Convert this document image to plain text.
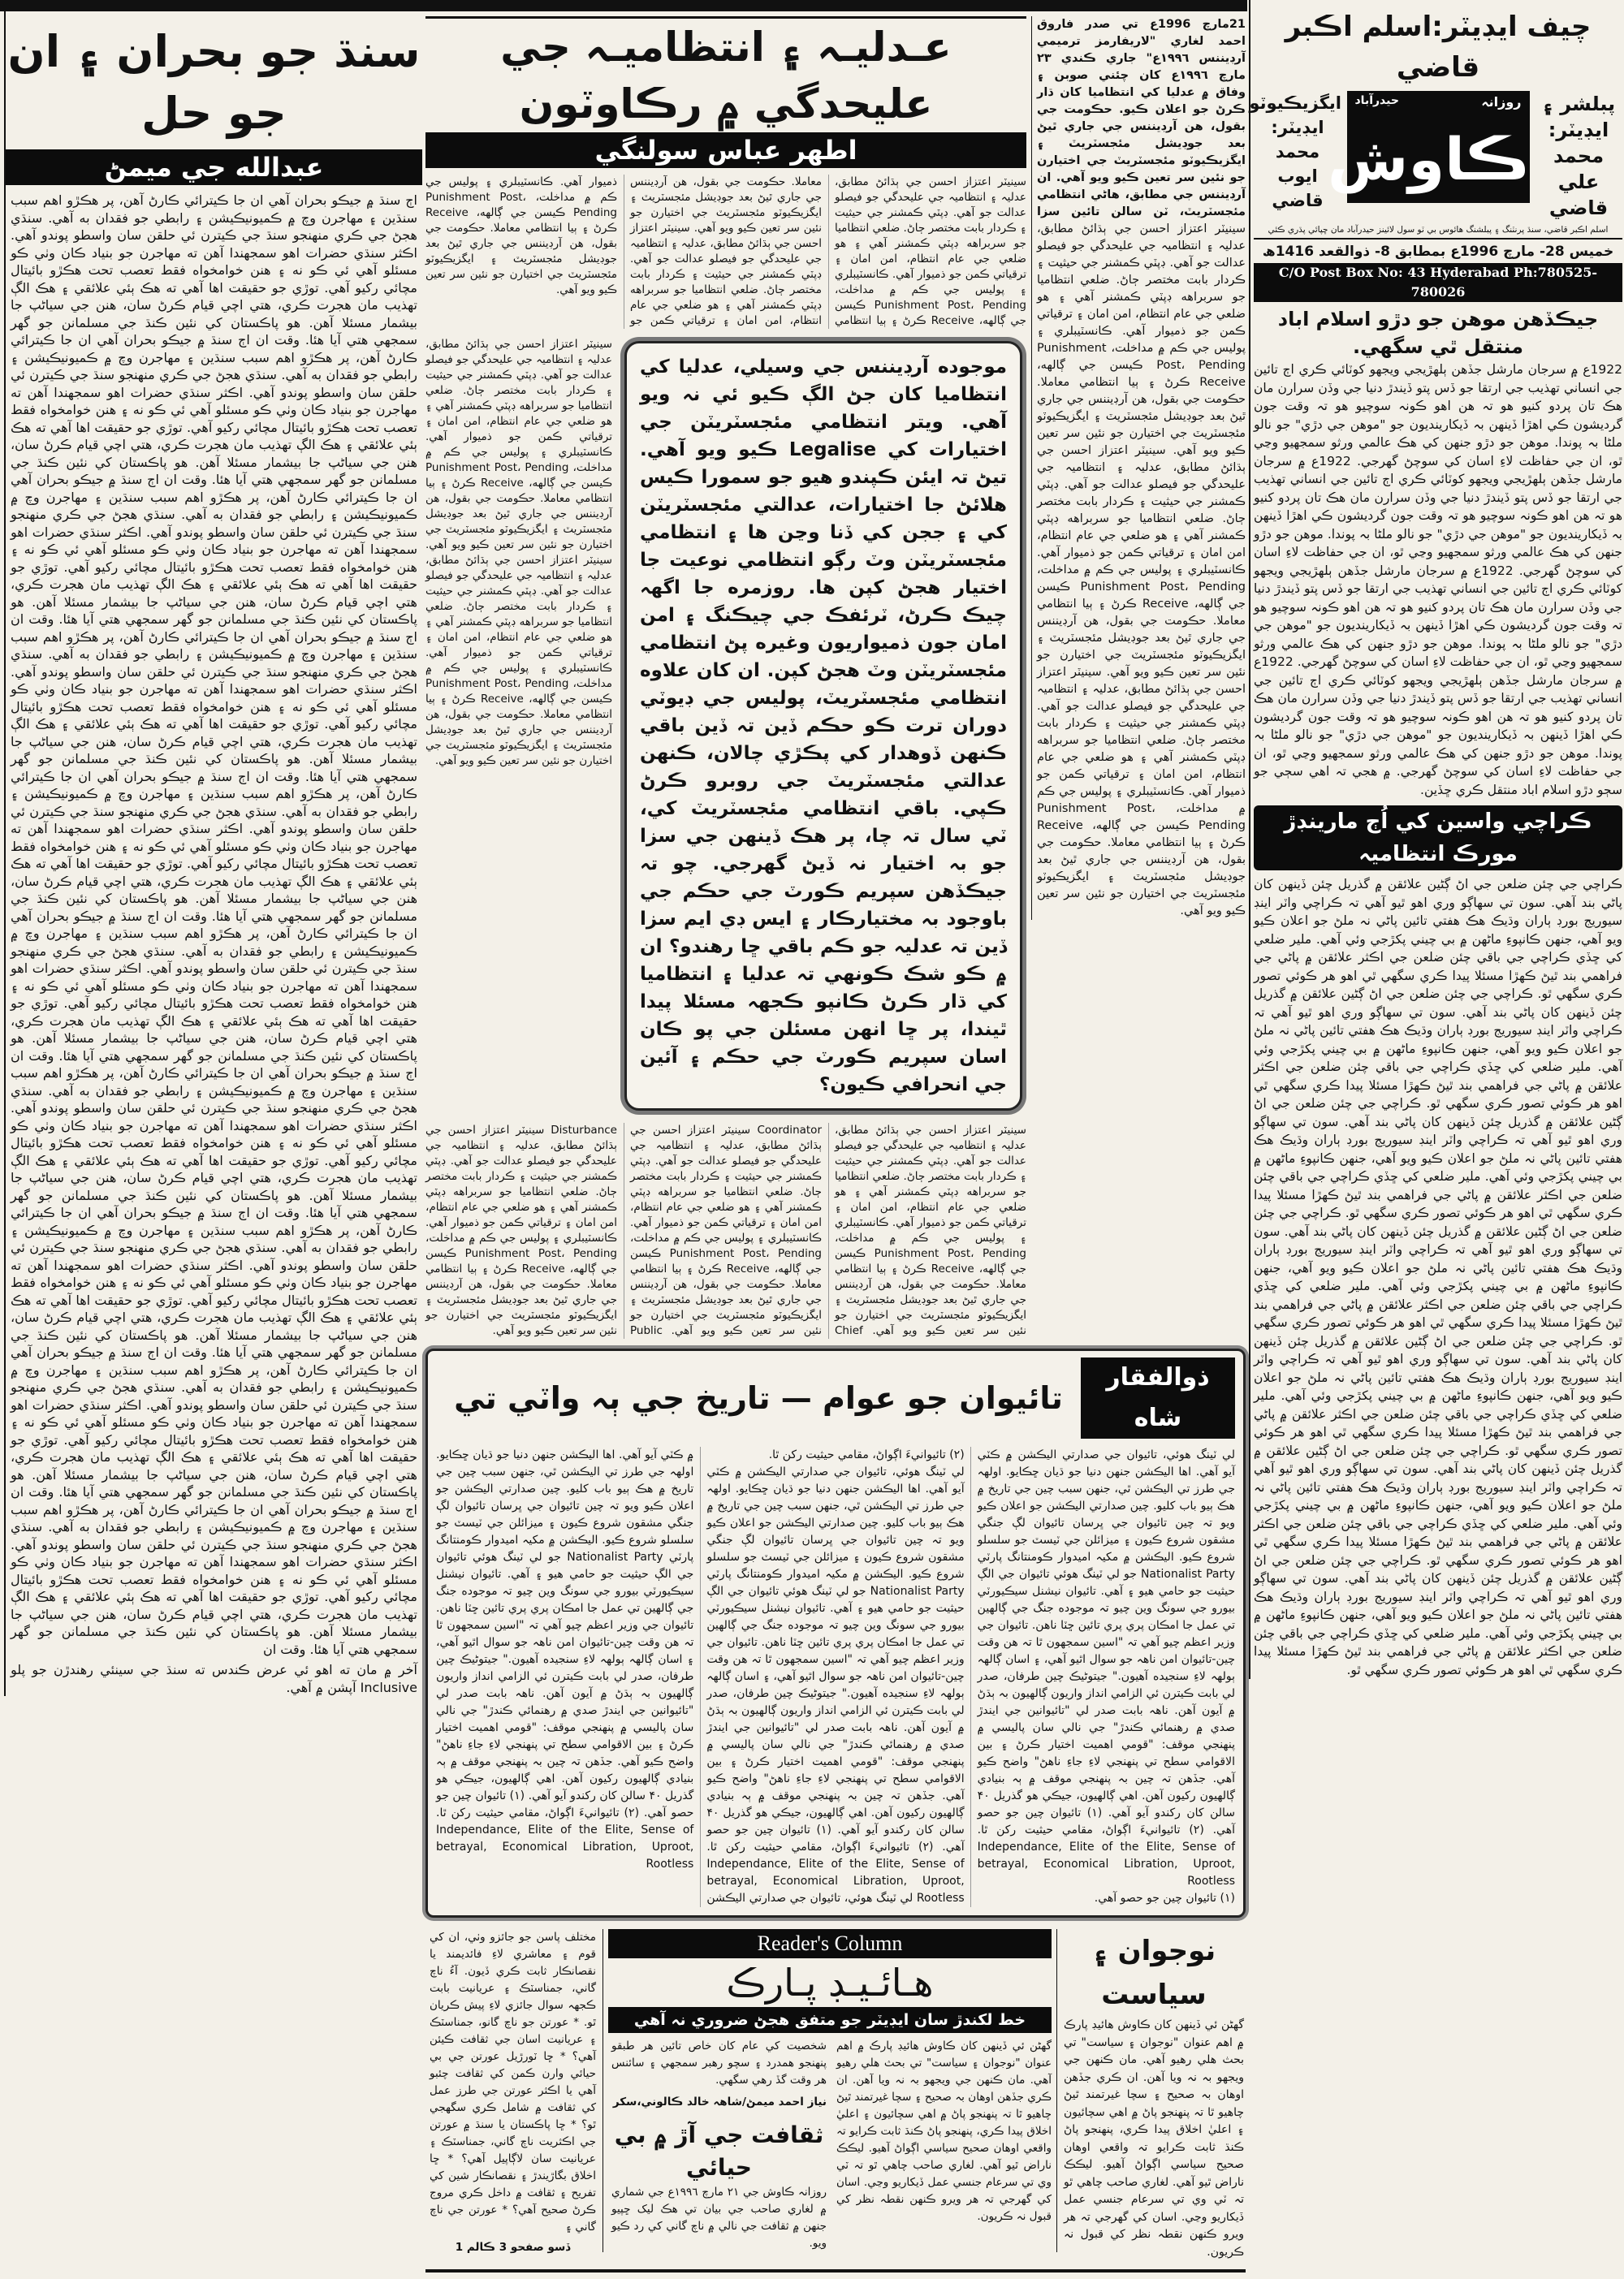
چيف ايڊيٽر:اسلم اڪبر قاضي
پبلشر ۽ ايڊيٽر:
محمد علي قاضي
روزانہ
حيدرآباد
ڪاوش
ايگزيڪيوٽو ايڊيٽر:
محمد ايوب قاضي
اسلم اڪبر قاضي، سنڌ پرنٽنگ ۽ پبلشنگ هائوس بي ٽو سول لائينز حيدرآباد مان ڇپائي پڌري ڪئي
خميس 28- مارچ 1996ع بمطابق 8- ذوالقعد 1416ھ
C/O Post Box No: 43 Hyderabad Ph:780525-780026
جيڪڏهن موهن جو دڙو اسلام اباد منتقل ٿي سگهي.
1922ع ۾ سرجان مارشل جڏهن ٻلهڙيجي ويجهو کوٽائي ڪري اڄ تائين جي انساني تهذيب جي ارتقا جو ڏس پتو ڏيندڙ دنيا جي وڏن سرارن مان هڪ تان پردو کنيو هو تہ هن اهو ڪونہ سوچيو هو تہ وقت جون گرديشون ڪي اهڙا ڏينهن بہ ڏيکارينديون جو "موهن جي دڙي" جو نالو ملڻا بہ پوندا. موهن جو دڙو جنهن کي هڪ عالمي ورثو سمجهيو وڃي ٿو، ان جي حفاظت لاءِ اسان کي سوچڻ گهرجي. 1922ع ۾ سرجان مارشل جڏهن ٻلهڙيجي ويجهو کوٽائي ڪري اڄ تائين جي انساني تهذيب جي ارتقا جو ڏس پتو ڏيندڙ دنيا جي وڏن سرارن مان هڪ تان پردو کنيو هو تہ هن اهو ڪونہ سوچيو هو تہ وقت جون گرديشون ڪي اهڙا ڏينهن بہ ڏيکارينديون جو "موهن جي دڙي" جو نالو ملڻا بہ پوندا. موهن جو دڙو جنهن کي هڪ عالمي ورثو سمجهيو وڃي ٿو، ان جي حفاظت لاءِ اسان کي سوچڻ گهرجي. 1922ع ۾ سرجان مارشل جڏهن ٻلهڙيجي ويجهو کوٽائي ڪري اڄ تائين جي انساني تهذيب جي ارتقا جو ڏس پتو ڏيندڙ دنيا جي وڏن سرارن مان هڪ تان پردو کنيو هو تہ هن اهو ڪونہ سوچيو هو تہ وقت جون گرديشون ڪي اهڙا ڏينهن بہ ڏيکارينديون جو "موهن جي دڙي" جو نالو ملڻا بہ پوندا. موهن جو دڙو جنهن کي هڪ عالمي ورثو سمجهيو وڃي ٿو، ان جي حفاظت لاءِ اسان کي سوچڻ گهرجي. 1922ع ۾ سرجان مارشل جڏهن ٻلهڙيجي ويجهو کوٽائي ڪري اڄ تائين جي انساني تهذيب جي ارتقا جو ڏس پتو ڏيندڙ دنيا جي وڏن سرارن مان هڪ تان پردو کنيو هو تہ هن اهو ڪونہ سوچيو هو تہ وقت جون گرديشون ڪي اهڙا ڏينهن بہ ڏيکارينديون جو "موهن جي دڙي" جو نالو ملڻا بہ پوندا. موهن جو دڙو جنهن کي هڪ عالمي ورثو سمجهيو وڃي ٿو، ان جي حفاظت لاءِ اسان کي سوچڻ گهرجي. ۾ هجي تہ اهي سڄي جو سڄو دڙو اسلام اباد منتقل ڪري ڇڏين.
ڪراچي واسين کي اُڄ مارينڊڙ مورڪ انتظاميہ
ڪراچي جي چئن ضلعن جي اڻ ڳڻين علائقن ۾ گذريل چئن ڏينهن کان پاڻي بند آهي. سون تي سهاڳو وري اهو ٿيو آهي تہ ڪراچي واٽر اينڊ سيوريج بورڊ ٻاران وڌيڪ هڪ هفتي تائين پاڻي نہ ملڻ جو اعلان ڪيو ويو آهي، جنهن ڪانپوءِ ماڻهن ۾ بي چيني پکڙجي وئي آهي. ملير ضلعي کي ڇڏي ڪراچي جي باقي چئن ضلعن جي اڪثر علائقن ۾ پاڻي جي فراهمي بند ٿيڻ ڪهڙا مسئلا پيدا ڪري سگهي ٿي اهو هر ڪوئي تصور ڪري سگهي ٿو. ڪراچي جي چئن ضلعن جي اڻ ڳڻين علائقن ۾ گذريل چئن ڏينهن کان پاڻي بند آهي. سون تي سهاڳو وري اهو ٿيو آهي تہ ڪراچي واٽر اينڊ سيوريج بورڊ ٻاران وڌيڪ هڪ هفتي تائين پاڻي نہ ملڻ جو اعلان ڪيو ويو آهي، جنهن ڪانپوءِ ماڻهن ۾ بي چيني پکڙجي وئي آهي. ملير ضلعي کي ڇڏي ڪراچي جي باقي چئن ضلعن جي اڪثر علائقن ۾ پاڻي جي فراهمي بند ٿيڻ ڪهڙا مسئلا پيدا ڪري سگهي ٿي اهو هر ڪوئي تصور ڪري سگهي ٿو. ڪراچي جي چئن ضلعن جي اڻ ڳڻين علائقن ۾ گذريل چئن ڏينهن کان پاڻي بند آهي. سون تي سهاڳو وري اهو ٿيو آهي تہ ڪراچي واٽر اينڊ سيوريج بورڊ ٻاران وڌيڪ هڪ هفتي تائين پاڻي نہ ملڻ جو اعلان ڪيو ويو آهي، جنهن ڪانپوءِ ماڻهن ۾ بي چيني پکڙجي وئي آهي. ملير ضلعي کي ڇڏي ڪراچي جي باقي چئن ضلعن جي اڪثر علائقن ۾ پاڻي جي فراهمي بند ٿيڻ ڪهڙا مسئلا پيدا ڪري سگهي ٿي اهو هر ڪوئي تصور ڪري سگهي ٿو. ڪراچي جي چئن ضلعن جي اڻ ڳڻين علائقن ۾ گذريل چئن ڏينهن کان پاڻي بند آهي. سون تي سهاڳو وري اهو ٿيو آهي تہ ڪراچي واٽر اينڊ سيوريج بورڊ ٻاران وڌيڪ هڪ هفتي تائين پاڻي نہ ملڻ جو اعلان ڪيو ويو آهي، جنهن ڪانپوءِ ماڻهن ۾ بي چيني پکڙجي وئي آهي. ملير ضلعي کي ڇڏي ڪراچي جي باقي چئن ضلعن جي اڪثر علائقن ۾ پاڻي جي فراهمي بند ٿيڻ ڪهڙا مسئلا پيدا ڪري سگهي ٿي اهو هر ڪوئي تصور ڪري سگهي ٿو. ڪراچي جي چئن ضلعن جي اڻ ڳڻين علائقن ۾ گذريل چئن ڏينهن کان پاڻي بند آهي. سون تي سهاڳو وري اهو ٿيو آهي تہ ڪراچي واٽر اينڊ سيوريج بورڊ ٻاران وڌيڪ هڪ هفتي تائين پاڻي نہ ملڻ جو اعلان ڪيو ويو آهي، جنهن ڪانپوءِ ماڻهن ۾ بي چيني پکڙجي وئي آهي. ملير ضلعي کي ڇڏي ڪراچي جي باقي چئن ضلعن جي اڪثر علائقن ۾ پاڻي جي فراهمي بند ٿيڻ ڪهڙا مسئلا پيدا ڪري سگهي ٿي اهو هر ڪوئي تصور ڪري سگهي ٿو. ڪراچي جي چئن ضلعن جي اڻ ڳڻين علائقن ۾ گذريل چئن ڏينهن کان پاڻي بند آهي. سون تي سهاڳو وري اهو ٿيو آهي تہ ڪراچي واٽر اينڊ سيوريج بورڊ ٻاران وڌيڪ هڪ هفتي تائين پاڻي نہ ملڻ جو اعلان ڪيو ويو آهي، جنهن ڪانپوءِ ماڻهن ۾ بي چيني پکڙجي وئي آهي. ملير ضلعي کي ڇڏي ڪراچي جي باقي چئن ضلعن جي اڪثر علائقن ۾ پاڻي جي فراهمي بند ٿيڻ ڪهڙا مسئلا پيدا ڪري سگهي ٿي اهو هر ڪوئي تصور ڪري سگهي ٿو. ڪراچي جي چئن ضلعن جي اڻ ڳڻين علائقن ۾ گذريل چئن ڏينهن کان پاڻي بند آهي. سون تي سهاڳو وري اهو ٿيو آهي تہ ڪراچي واٽر اينڊ سيوريج بورڊ ٻاران وڌيڪ هڪ هفتي تائين پاڻي نہ ملڻ جو اعلان ڪيو ويو آهي، جنهن ڪانپوءِ ماڻهن ۾ بي چيني پکڙجي وئي آهي. ملير ضلعي کي ڇڏي ڪراچي جي باقي چئن ضلعن جي اڪثر علائقن ۾ پاڻي جي فراهمي بند ٿيڻ ڪهڙا مسئلا پيدا ڪري سگهي ٿي اهو هر ڪوئي تصور ڪري سگهي ٿو.
21مارچ 1996ع تي صدر فاروق احمد لغاري "لاريفارمز ترميمي آرڊيننس ١٩٩٦ع" جاري ڪندي ٢٣ مارچ ١٩٩٦ع کان چئني صوبن ۽ وفاق ۾ عدليا کي انتظاميا کان ڌار ڪرڻ جو اعلان ڪيو. حڪومت جي بقول، هن آرڊيننس جي جاري ٿيڻ بعد جوڊيشل مئجسٽريٽ ۽ ايگزيڪيوٽو مئجسٽريٽ جي اختيارن جو نئين سر تعين ڪيو ويو آهي. ان آرڊيننس جي مطابق، هاڻي انتظامي مئجسٽريٽ، ٽن سالن تائين سزا سينيٽر اعتزاز احسن جي ٻڌائڻ مطابق، عدليہ ۽ انتظاميہ جي عليحدگي جو فيصلو عدالت جو آهي. ڊپٽي ڪمشنر جي حيثيت ۽ ڪردار بابت مختصر ڄاڻ. ضلعي انتظاميا جو سربراهه ڊپٽي ڪمشنر آهي ۽ هو ضلعي جي عام انتظام، امن امان ۽ ترقياتي ڪمن جو ذميوار آهي. ڪانسٽيبلري ۽ پوليس جي ڪم ۾ مداخلت، Punishment Post، Pending ڪيسن جي ڳالهه، Receive ڪرڻ ۽ ٻيا انتظامي معاملا. حڪومت جي بقول، هن آرڊيننس جي جاري ٿيڻ بعد جوڊيشل مئجسٽريٽ ۽ ايگزيڪيوٽو مئجسٽريٽ جي اختيارن جو نئين سر تعين ڪيو ويو آهي. سينيٽر اعتزاز احسن جي ٻڌائڻ مطابق، عدليہ ۽ انتظاميہ جي عليحدگي جو فيصلو عدالت جو آهي. ڊپٽي ڪمشنر جي حيثيت ۽ ڪردار بابت مختصر ڄاڻ. ضلعي انتظاميا جو سربراهه ڊپٽي ڪمشنر آهي ۽ هو ضلعي جي عام انتظام، امن امان ۽ ترقياتي ڪمن جو ذميوار آهي. ڪانسٽيبلري ۽ پوليس جي ڪم ۾ مداخلت، Punishment Post، Pending ڪيسن جي ڳالهه، Receive ڪرڻ ۽ ٻيا انتظامي معاملا. حڪومت جي بقول، هن آرڊيننس جي جاري ٿيڻ بعد جوڊيشل مئجسٽريٽ ۽ ايگزيڪيوٽو مئجسٽريٽ جي اختيارن جو نئين سر تعين ڪيو ويو آهي. سينيٽر اعتزاز احسن جي ٻڌائڻ مطابق، عدليہ ۽ انتظاميہ جي عليحدگي جو فيصلو عدالت جو آهي. ڊپٽي ڪمشنر جي حيثيت ۽ ڪردار بابت مختصر ڄاڻ. ضلعي انتظاميا جو سربراهه ڊپٽي ڪمشنر آهي ۽ هو ضلعي جي عام انتظام، امن امان ۽ ترقياتي ڪمن جو ذميوار آهي. ڪانسٽيبلري ۽ پوليس جي ڪم ۾ مداخلت، Punishment Post، Pending ڪيسن جي ڳالهه، Receive ڪرڻ ۽ ٻيا انتظامي معاملا. حڪومت جي بقول، هن آرڊيننس جي جاري ٿيڻ بعد جوڊيشل مئجسٽريٽ ۽ ايگزيڪيوٽو مئجسٽريٽ جي اختيارن جو نئين سر تعين ڪيو ويو آهي.
عـدليـہ ۽ انتظاميـہ جي عليحدگي ۾ رڪاوٽون
اطهر عباس سولنگي
سينيٽر اعتزاز احسن جي ٻڌائڻ مطابق، عدليہ ۽ انتظاميہ جي عليحدگي جو فيصلو عدالت جو آهي. ڊپٽي ڪمشنر جي حيثيت ۽ ڪردار بابت مختصر ڄاڻ. ضلعي انتظاميا جو سربراهه ڊپٽي ڪمشنر آهي ۽ هو ضلعي جي عام انتظام، امن امان ۽ ترقياتي ڪمن جو ذميوار آهي. ڪانسٽيبلري ۽ پوليس جي ڪم ۾ مداخلت، Punishment Post، Pending ڪيسن جي ڳالهه، Receive ڪرڻ ۽ ٻيا انتظامي معاملا. حڪومت جي بقول، هن آرڊيننس جي جاري ٿيڻ بعد جوڊيشل مئجسٽريٽ ۽ ايگزيڪيوٽو مئجسٽريٽ جي اختيارن جو نئين سر تعين ڪيو ويو آهي. سينيٽر اعتزاز احسن جي ٻڌائڻ مطابق، عدليہ ۽ انتظاميہ جي عليحدگي جو فيصلو عدالت جو آهي. ڊپٽي ڪمشنر جي حيثيت ۽ ڪردار بابت مختصر ڄاڻ. ضلعي انتظاميا جو سربراهه ڊپٽي ڪمشنر آهي ۽ هو ضلعي جي عام انتظام، امن امان ۽ ترقياتي ڪمن جو ذميوار آهي. ڪانسٽيبلري ۽ پوليس جي ڪم ۾ مداخلت، Punishment Post، Pending ڪيسن جي ڳالهه، Receive ڪرڻ ۽ ٻيا انتظامي معاملا. حڪومت جي بقول، هن آرڊيننس جي جاري ٿيڻ بعد جوڊيشل مئجسٽريٽ ۽ ايگزيڪيوٽو مئجسٽريٽ جي اختيارن جو نئين سر تعين ڪيو ويو آهي.
موجوده آرڊيننس جي وسيلي، عدليا کي انتظاميا کان جڻ الڳ ڪيو ئي نہ ويو آهي. ويتر انتظامي مئجسٽريٽن جي اختيارات کي Legalise ڪيو ويو آهي. تيڻ تہ ايئن ڪپندو هيو جو سمورا ڪيس هلائڻ جا اختيارات، عدالتي مئجسٽريٽن کي ۽ ججن کي ڏنا وڃن ها ۽ انتظامي مئجسٽريٽن وٽ رڳو انتظامي نوعيت جا اختيار هجڻ کپن ها. روزمره جا اگهہ چيڪ ڪرڻ، ٽرئفڪ جي چيڪنگ ۽ امن امان جون ذميواريون وغيره پڻ انتظامي مئجسٽريٽن وٽ هجڻ کپن. ان کان علاوه انتظامي مئجسٽريٽ، پوليس جي ڊيوٽي دوران ترت ڪو حڪم ڏين تہ ڏين باقي ڪنهن ڏوهدار کي پڪڙي چالان، ڪنهن عدالتي مئجسٽريٽ جي روبرو ڪرڻ ڪپي. باقي انتظامي مئجسٽريٽ کي، ٽي سال تہ چا، پر هڪ ڏينهن جي سزا جو بہ اختيار نہ ڏيڻ گهرجي. چو تہ جيڪڏهن سپريم ڪورٽ جي حڪم جي باوجود بہ مختيارڪار ۽ ايس ڊي ايم سزا ڏين تہ عدليہ جو ڪم باقي ڇا رهندو؟ ان ۾ ڪو شڪ ڪونهي تہ عدليا ۽ انتظاميا کي ڌار ڪرڻ ڪانپو ڪجهہ مسئلا پيدا ٿيندا، پر ڇا انهن مسئلن جي پو ڪان اسان سپريم ڪورٽ جي حڪم ۽ آئين جي انحرافي ڪيون؟
سينيٽر اعتزاز احسن جي ٻڌائڻ مطابق، عدليہ ۽ انتظاميہ جي عليحدگي جو فيصلو عدالت جو آهي. ڊپٽي ڪمشنر جي حيثيت ۽ ڪردار بابت مختصر ڄاڻ. ضلعي انتظاميا جو سربراهه ڊپٽي ڪمشنر آهي ۽ هو ضلعي جي عام انتظام، امن امان ۽ ترقياتي ڪمن جو ذميوار آهي. ڪانسٽيبلري ۽ پوليس جي ڪم ۾ مداخلت، Punishment Post، Pending ڪيسن جي ڳالهه، Receive ڪرڻ ۽ ٻيا انتظامي معاملا. حڪومت جي بقول، هن آرڊيننس جي جاري ٿيڻ بعد جوڊيشل مئجسٽريٽ ۽ ايگزيڪيوٽو مئجسٽريٽ جي اختيارن جو نئين سر تعين ڪيو ويو آهي. سينيٽر اعتزاز احسن جي ٻڌائڻ مطابق، عدليہ ۽ انتظاميہ جي عليحدگي جو فيصلو عدالت جو آهي. ڊپٽي ڪمشنر جي حيثيت ۽ ڪردار بابت مختصر ڄاڻ. ضلعي انتظاميا جو سربراهه ڊپٽي ڪمشنر آهي ۽ هو ضلعي جي عام انتظام، امن امان ۽ ترقياتي ڪمن جو ذميوار آهي. ڪانسٽيبلري ۽ پوليس جي ڪم ۾ مداخلت، Punishment Post، Pending ڪيسن جي ڳالهه، Receive ڪرڻ ۽ ٻيا انتظامي معاملا. حڪومت جي بقول، هن آرڊيننس جي جاري ٿيڻ بعد جوڊيشل مئجسٽريٽ ۽ ايگزيڪيوٽو مئجسٽريٽ جي اختيارن جو نئين سر تعين ڪيو ويو آهي.
سينيٽر اعتزاز احسن جي ٻڌائڻ مطابق، عدليہ ۽ انتظاميہ جي عليحدگي جو فيصلو عدالت جو آهي. ڊپٽي ڪمشنر جي حيثيت ۽ ڪردار بابت مختصر ڄاڻ. ضلعي انتظاميا جو سربراهه ڊپٽي ڪمشنر آهي ۽ هو ضلعي جي عام انتظام، امن امان ۽ ترقياتي ڪمن جو ذميوار آهي. ڪانسٽيبلري ۽ پوليس جي ڪم ۾ مداخلت، Punishment Post، Pending ڪيسن جي ڳالهه، Receive ڪرڻ ۽ ٻيا انتظامي معاملا. حڪومت جي بقول، هن آرڊيننس جي جاري ٿيڻ بعد جوڊيشل مئجسٽريٽ ۽ ايگزيڪيوٽو مئجسٽريٽ جي اختيارن جو نئين سر تعين ڪيو ويو آهي. Chief Coordinator سينيٽر اعتزاز احسن جي ٻڌائڻ مطابق، عدليہ ۽ انتظاميہ جي عليحدگي جو فيصلو عدالت جو آهي. ڊپٽي ڪمشنر جي حيثيت ۽ ڪردار بابت مختصر ڄاڻ. ضلعي انتظاميا جو سربراهه ڊپٽي ڪمشنر آهي ۽ هو ضلعي جي عام انتظام، امن امان ۽ ترقياتي ڪمن جو ذميوار آهي. ڪانسٽيبلري ۽ پوليس جي ڪم ۾ مداخلت، Punishment Post، Pending ڪيسن جي ڳالهه، Receive ڪرڻ ۽ ٻيا انتظامي معاملا. حڪومت جي بقول، هن آرڊيننس جي جاري ٿيڻ بعد جوڊيشل مئجسٽريٽ ۽ ايگزيڪيوٽو مئجسٽريٽ جي اختيارن جو نئين سر تعين ڪيو ويو آهي. Public Disturbance سينيٽر اعتزاز احسن جي ٻڌائڻ مطابق، عدليہ ۽ انتظاميہ جي عليحدگي جو فيصلو عدالت جو آهي. ڊپٽي ڪمشنر جي حيثيت ۽ ڪردار بابت مختصر ڄاڻ. ضلعي انتظاميا جو سربراهه ڊپٽي ڪمشنر آهي ۽ هو ضلعي جي عام انتظام، امن امان ۽ ترقياتي ڪمن جو ذميوار آهي. ڪانسٽيبلري ۽ پوليس جي ڪم ۾ مداخلت، Punishment Post، Pending ڪيسن جي ڳالهه، Receive ڪرڻ ۽ ٻيا انتظامي معاملا. حڪومت جي بقول، هن آرڊيننس جي جاري ٿيڻ بعد جوڊيشل مئجسٽريٽ ۽ ايگزيڪيوٽو مئجسٽريٽ جي اختيارن جو نئين سر تعين ڪيو ويو آهي.
ذوالفقار شاه
تائيوان جو عوام — تاريخ جي ٻہ واٽي تي
لي ٽينگ هوئي، تائيوان جي صدارتي اليڪشن ۾ ڪٽي آيو آهي. اها اليڪشن جنهن دنيا جو ڌيان ڇڪايو. اولهہ جي طرز تي اليڪشن ٿي، جنهن سبب چين جي تاريخ ۾ هڪ ٻيو باب کليو. چين صدارتي اليڪشن جو اعلان ڪيو ويو تہ چين تائيوان جي ڀرسان تائيوان لڳ جنگي مشقون شروع ڪيون ۽ ميزائلن جي ٽيسٽ جو سلسلو شروع ڪيو. اليڪشن ۾ مکيہ اميدوار ڪومنتانگ پارٽي Nationalist Party جو لي ٽينگ هوئي تائيوان جي الڳ حيثيت جو حامي هيو ۽ آهي. تائيوان نيشنل سيڪيورٽي بيورو جي سونگ وين چيو تہ موجوده جنگ جي ڳالهين تي عمل جا امڪان پري پري تائين ڇٽا ناهن. تائيوان جي وزير اعظم چيو آهي تہ "اسين سمجهون ٿا تہ هن وقت چين-تائيوان امن ناهہ جو سوال اٿيو آهي، ۽ اسان ڳالهہ ٻولهہ لاءِ سنجيده آهيون." جيتوڻيڪ چين طرفان، صدر لي بابت ڪيترن ئي الزامي انداز واريون ڳالهيون بہ ٻڌڻ ۾ آيون آهن. ناهہ بابت صدر لي "تائيوانين جي ايندڙ صدي ۾ رهنمائي ڪندڙ" جي نالي سان پاليسي ۾ پنهنجي موقف: "قومي اهميت اختيار ڪرڻ ۽ بين الاقوامي سطح تي پنهنجي لاءِ جاءِ ناهڻ" واضح ڪيو آهي. جڏهن تہ چين بہ پنهنجي موقف ۾ ٻہ بنيادي ڳالهيون رکيون آهن. اهي ڳالهيون، جيڪي هو گذريل ۴۰ سالن کان رکندو آيو آهي. (١) تائيوان چين جو حصو آهي. (٢) تائيوانيءَ اڳواڻ، مقامي حيثيت رکن ٿا. Independance, Elite of the Elite, Sense of betrayal, Economical Libration, Uproot, Rootless
(١) تائيوان چين جو حصو آهي.
(٢) تائيوانيءَ اڳواڻ، مقامي حيثيت رکن ٿا.
لي ٽينگ هوئي، تائيوان جي صدارتي اليڪشن ۾ ڪٽي آيو آهي. اها اليڪشن جنهن دنيا جو ڌيان ڇڪايو. اولهہ جي طرز تي اليڪشن ٿي، جنهن سبب چين جي تاريخ ۾ هڪ ٻيو باب کليو. چين صدارتي اليڪشن جو اعلان ڪيو ويو تہ چين تائيوان جي ڀرسان تائيوان لڳ جنگي مشقون شروع ڪيون ۽ ميزائلن جي ٽيسٽ جو سلسلو شروع ڪيو. اليڪشن ۾ مکيہ اميدوار ڪومنتانگ پارٽي Nationalist Party جو لي ٽينگ هوئي تائيوان جي الڳ حيثيت جو حامي هيو ۽ آهي. تائيوان نيشنل سيڪيورٽي بيورو جي سونگ وين چيو تہ موجوده جنگ جي ڳالهين تي عمل جا امڪان پري پري تائين ڇٽا ناهن. تائيوان جي وزير اعظم چيو آهي تہ "اسين سمجهون ٿا تہ هن وقت چين-تائيوان امن ناهہ جو سوال اٿيو آهي، ۽ اسان ڳالهہ ٻولهہ لاءِ سنجيده آهيون." جيتوڻيڪ چين طرفان، صدر لي بابت ڪيترن ئي الزامي انداز واريون ڳالهيون بہ ٻڌڻ ۾ آيون آهن. ناهہ بابت صدر لي "تائيوانين جي ايندڙ صدي ۾ رهنمائي ڪندڙ" جي نالي سان پاليسي ۾ پنهنجي موقف: "قومي اهميت اختيار ڪرڻ ۽ بين الاقوامي سطح تي پنهنجي لاءِ جاءِ ناهڻ" واضح ڪيو آهي. جڏهن تہ چين بہ پنهنجي موقف ۾ ٻہ بنيادي ڳالهيون رکيون آهن. اهي ڳالهيون، جيڪي هو گذريل ۴۰ سالن کان رکندو آيو آهي. (١) تائيوان چين جو حصو آهي. (٢) تائيوانيءَ اڳواڻ، مقامي حيثيت رکن ٿا. Independance, Elite of the Elite, Sense of betrayal, Economical Libration, Uproot, Rootless لي ٽينگ هوئي، تائيوان جي صدارتي اليڪشن ۾ ڪٽي آيو آهي. اها اليڪشن جنهن دنيا جو ڌيان ڇڪايو. اولهہ جي طرز تي اليڪشن ٿي، جنهن سبب چين جي تاريخ ۾ هڪ ٻيو باب کليو. چين صدارتي اليڪشن جو اعلان ڪيو ويو تہ چين تائيوان جي ڀرسان تائيوان لڳ جنگي مشقون شروع ڪيون ۽ ميزائلن جي ٽيسٽ جو سلسلو شروع ڪيو. اليڪشن ۾ مکيہ اميدوار ڪومنتانگ پارٽي Nationalist Party جو لي ٽينگ هوئي تائيوان جي الڳ حيثيت جو حامي هيو ۽ آهي. تائيوان نيشنل سيڪيورٽي بيورو جي سونگ وين چيو تہ موجوده جنگ جي ڳالهين تي عمل جا امڪان پري پري تائين ڇٽا ناهن. تائيوان جي وزير اعظم چيو آهي تہ "اسين سمجهون ٿا تہ هن وقت چين-تائيوان امن ناهہ جو سوال اٿيو آهي، ۽ اسان ڳالهہ ٻولهہ لاءِ سنجيده آهيون." جيتوڻيڪ چين طرفان، صدر لي بابت ڪيترن ئي الزامي انداز واريون ڳالهيون بہ ٻڌڻ ۾ آيون آهن. ناهہ بابت صدر لي "تائيوانين جي ايندڙ صدي ۾ رهنمائي ڪندڙ" جي نالي سان پاليسي ۾ پنهنجي موقف: "قومي اهميت اختيار ڪرڻ ۽ بين الاقوامي سطح تي پنهنجي لاءِ جاءِ ناهڻ" واضح ڪيو آهي. جڏهن تہ چين بہ پنهنجي موقف ۾ ٻہ بنيادي ڳالهيون رکيون آهن. اهي ڳالهيون، جيڪي هو گذريل ۴۰ سالن کان رکندو آيو آهي. (١) تائيوان چين جو حصو آهي. (٢) تائيوانيءَ اڳواڻ، مقامي حيثيت رکن ٿا. Independance, Elite of the Elite, Sense of betrayal, Economical Libration, Uproot, Rootless
نوجوان ۽ سياست
گهڻن ئي ڏينهن کان ڪاوش هائيڊ پارڪ ۾ اهم عنوان "نوجوان ۽ سياست" تي بحث هلي رهيو آهي. مان ڪنهن جي ويجهو بہ نہ ويا آهن. ان ڪري جڏهن اوهان بہ صحيح ۽ سچا غيرتمند ٿيڻ چاهيو ٿا تہ پنهنجو پاڻ ۾ اهي سچائيون ۽ اعليٰ اخلاق پيدا ڪري، پنهنجو پاڻ ڪنڌ ثابت ڪرايو تہ واقعي اوهان صحيح سياسي اڳواڻ آهيو. ليڪڪ ناراض ٿيو آهي. لغاري صاحب چاهي ٿو تہ ٽي وي تي سرعام جنسي عمل ڏيکاريو وڃي. اسان کي گهرجي تہ هر ويرو ڪنهن نقطہ نظر کي قبول نہ ڪريون.
Reader's Column
هـائـيـڊ پـارڪ
خط لکندڙ سان ايڊيٽر جو متفق هجڻ ضروري نہ آهي
گهڻن ئي ڏينهن کان ڪاوش هائيڊ پارڪ ۾ اهم عنوان "نوجوان ۽ سياست" تي بحث هلي رهيو آهي. مان ڪنهن جي ويجهو بہ نہ ويا آهن. ان ڪري جڏهن اوهان بہ صحيح ۽ سچا غيرتمند ٿيڻ چاهيو ٿا تہ پنهنجو پاڻ ۾ اهي سچائيون ۽ اعليٰ اخلاق پيدا ڪري، پنهنجو پاڻ ڪنڌ ثابت ڪرايو تہ واقعي اوهان صحيح سياسي اڳواڻ آهيو. ليڪڪ ناراض ٿيو آهي. لغاري صاحب چاهي ٿو تہ ٽي وي تي سرعام جنسي عمل ڏيکاريو وڃي. اسان کي گهرجي تہ هر ويرو ڪنهن نقطہ نظر کي قبول نہ ڪريون.
شخصيت کي عام کان خاص تائين هر طبقو پنهنجو همدرد ۽ سچو رهبر سمجهي ۽ سائنس هر وقت گڏ رهي سگهي.
نياز احمد ميمڻ/شاهہ خالد ڪالوني،سکر
ثقافت جي آڙ ۾ بي حيائي
روزانہ ڪاوش جي ۲۱ مارچ ١٩٩٦ع جي شماري ۾ لغاري صاحب جي بيان تي هڪ ليک ڇپيو جنهن ۾ ثقافت جي نالي ۾ ناچ گاني کي رد ڪيو ويو.
مختلف پاسن جو جائزو وٺي، ان کي قوم ۽ معاشري لاءِ فائديمند يا نقصانڪار ثابت ڪري ڏيون. آءُ ناچ گاني، جمناسٽڪ ۽ عريانيت بابت ڪجهہ سوال جائزي لاءِ پيش ڪريان ٿو. * عورتن جو ناچ گانو، جمناسٽڪ ۽ عريانيت اسان جي ثقافت ڪيئن آهي؟ * ڇا ٽورڙيل عورتن جي بي حيائي وارن ڪمن کي ثقافت چئبو آهي يا اڪثر عورتن جي طرز عمل کي ثقافت ۾ شامل ڪري سگهجي ٿو؟ * ڇا پاڪستان يا سنڌ ۾ عورتن جي اڪثريت ناچ گاني، جمناسٽڪ ۽ عريانيت سان لاڳاپيل آهي؟ * ڇا اخلاق بگاڙيندڙ ۽ نقصانڪار شين کي تفريح ۽ ثقافت ۾ داخل ڪري مروج ڪرڻ صحيح آهي؟ * عورتن جي ناچ گاني ۽
ڏسو صفحو 3 ڪالم 1
سنڌ جو بحران ۽ ان جو حل
عبدالله جي ميمڻ
اڄ سنڌ ۾ جيڪو بحران آهي ان جا ڪيترائي ڪارڻ آهن، پر هڪڙو اهم سبب سنڌين ۽ مهاجرن وچ ۾ ڪميونيڪيشن ۽ رابطي جو فقدان به آهي. سنڌي هجڻ جي ڪري منهنجو سنڌ جي ڪيترن ئي حلقن سان واسطو پوندو آهي. اڪثر سنڌي حضرات اهو سمجهندا آهن ته مهاجرن جو بنياد ڪان وٺي ڪو مسئلو آهي ئي ڪو نه ۽ هنن خوامخواه فقط تعصب تحت هڪڙو بائيتال مچائي رکيو آهي. توڙي جو حقيقت اها آهي ته هڪ ٻئي علائقي ۽ هڪ الڳ تهذيب مان هجرت ڪري، هتي اچي قيام ڪرڻ سان، هنن جي سياڻپ جا بيشمار مسئلا آهن. هو پاڪستان کي نئين ڪنڌ جي مسلمانن جو گهر سمجهي هتي آيا هئا. وقت ان اڄ سنڌ ۾ جيڪو بحران آهي ان جا ڪيترائي ڪارڻ آهن، پر هڪڙو اهم سبب سنڌين ۽ مهاجرن وچ ۾ ڪميونيڪيشن ۽ رابطي جو فقدان به آهي. سنڌي هجڻ جي ڪري منهنجو سنڌ جي ڪيترن ئي حلقن سان واسطو پوندو آهي. اڪثر سنڌي حضرات اهو سمجهندا آهن ته مهاجرن جو بنياد ڪان وٺي ڪو مسئلو آهي ئي ڪو نه ۽ هنن خوامخواه فقط تعصب تحت هڪڙو بائيتال مچائي رکيو آهي. توڙي جو حقيقت اها آهي ته هڪ ٻئي علائقي ۽ هڪ الڳ تهذيب مان هجرت ڪري، هتي اچي قيام ڪرڻ سان، هنن جي سياڻپ جا بيشمار مسئلا آهن. هو پاڪستان کي نئين ڪنڌ جي مسلمانن جو گهر سمجهي هتي آيا هئا. وقت ان اڄ سنڌ ۾ جيڪو بحران آهي ان جا ڪيترائي ڪارڻ آهن، پر هڪڙو اهم سبب سنڌين ۽ مهاجرن وچ ۾ ڪميونيڪيشن ۽ رابطي جو فقدان به آهي. سنڌي هجڻ جي ڪري منهنجو سنڌ جي ڪيترن ئي حلقن سان واسطو پوندو آهي. اڪثر سنڌي حضرات اهو سمجهندا آهن ته مهاجرن جو بنياد ڪان وٺي ڪو مسئلو آهي ئي ڪو نه ۽ هنن خوامخواه فقط تعصب تحت هڪڙو بائيتال مچائي رکيو آهي. توڙي جو حقيقت اها آهي ته هڪ ٻئي علائقي ۽ هڪ الڳ تهذيب مان هجرت ڪري، هتي اچي قيام ڪرڻ سان، هنن جي سياڻپ جا بيشمار مسئلا آهن. هو پاڪستان کي نئين ڪنڌ جي مسلمانن جو گهر سمجهي هتي آيا هئا. وقت ان اڄ سنڌ ۾ جيڪو بحران آهي ان جا ڪيترائي ڪارڻ آهن، پر هڪڙو اهم سبب سنڌين ۽ مهاجرن وچ ۾ ڪميونيڪيشن ۽ رابطي جو فقدان به آهي. سنڌي هجڻ جي ڪري منهنجو سنڌ جي ڪيترن ئي حلقن سان واسطو پوندو آهي. اڪثر سنڌي حضرات اهو سمجهندا آهن ته مهاجرن جو بنياد ڪان وٺي ڪو مسئلو آهي ئي ڪو نه ۽ هنن خوامخواه فقط تعصب تحت هڪڙو بائيتال مچائي رکيو آهي. توڙي جو حقيقت اها آهي ته هڪ ٻئي علائقي ۽ هڪ الڳ تهذيب مان هجرت ڪري، هتي اچي قيام ڪرڻ سان، هنن جي سياڻپ جا بيشمار مسئلا آهن. هو پاڪستان کي نئين ڪنڌ جي مسلمانن جو گهر سمجهي هتي آيا هئا. وقت ان اڄ سنڌ ۾ جيڪو بحران آهي ان جا ڪيترائي ڪارڻ آهن، پر هڪڙو اهم سبب سنڌين ۽ مهاجرن وچ ۾ ڪميونيڪيشن ۽ رابطي جو فقدان به آهي. سنڌي هجڻ جي ڪري منهنجو سنڌ جي ڪيترن ئي حلقن سان واسطو پوندو آهي. اڪثر سنڌي حضرات اهو سمجهندا آهن ته مهاجرن جو بنياد ڪان وٺي ڪو مسئلو آهي ئي ڪو نه ۽ هنن خوامخواه فقط تعصب تحت هڪڙو بائيتال مچائي رکيو آهي. توڙي جو حقيقت اها آهي ته هڪ ٻئي علائقي ۽ هڪ الڳ تهذيب مان هجرت ڪري، هتي اچي قيام ڪرڻ سان، هنن جي سياڻپ جا بيشمار مسئلا آهن. هو پاڪستان کي نئين ڪنڌ جي مسلمانن جو گهر سمجهي هتي آيا هئا. وقت ان اڄ سنڌ ۾ جيڪو بحران آهي ان جا ڪيترائي ڪارڻ آهن، پر هڪڙو اهم سبب سنڌين ۽ مهاجرن وچ ۾ ڪميونيڪيشن ۽ رابطي جو فقدان به آهي. سنڌي هجڻ جي ڪري منهنجو سنڌ جي ڪيترن ئي حلقن سان واسطو پوندو آهي. اڪثر سنڌي حضرات اهو سمجهندا آهن ته مهاجرن جو بنياد ڪان وٺي ڪو مسئلو آهي ئي ڪو نه ۽ هنن خوامخواه فقط تعصب تحت هڪڙو بائيتال مچائي رکيو آهي. توڙي جو حقيقت اها آهي ته هڪ ٻئي علائقي ۽ هڪ الڳ تهذيب مان هجرت ڪري، هتي اچي قيام ڪرڻ سان، هنن جي سياڻپ جا بيشمار مسئلا آهن. هو پاڪستان کي نئين ڪنڌ جي مسلمانن جو گهر سمجهي هتي آيا هئا. وقت ان اڄ سنڌ ۾ جيڪو بحران آهي ان جا ڪيترائي ڪارڻ آهن، پر هڪڙو اهم سبب سنڌين ۽ مهاجرن وچ ۾ ڪميونيڪيشن ۽ رابطي جو فقدان به آهي. سنڌي هجڻ جي ڪري منهنجو سنڌ جي ڪيترن ئي حلقن سان واسطو پوندو آهي. اڪثر سنڌي حضرات اهو سمجهندا آهن ته مهاجرن جو بنياد ڪان وٺي ڪو مسئلو آهي ئي ڪو نه ۽ هنن خوامخواه فقط تعصب تحت هڪڙو بائيتال مچائي رکيو آهي. توڙي جو حقيقت اها آهي ته هڪ ٻئي علائقي ۽ هڪ الڳ تهذيب مان هجرت ڪري، هتي اچي قيام ڪرڻ سان، هنن جي سياڻپ جا بيشمار مسئلا آهن. هو پاڪستان کي نئين ڪنڌ جي مسلمانن جو گهر سمجهي هتي آيا هئا. وقت ان اڄ سنڌ ۾ جيڪو بحران آهي ان جا ڪيترائي ڪارڻ آهن، پر هڪڙو اهم سبب سنڌين ۽ مهاجرن وچ ۾ ڪميونيڪيشن ۽ رابطي جو فقدان به آهي. سنڌي هجڻ جي ڪري منهنجو سنڌ جي ڪيترن ئي حلقن سان واسطو پوندو آهي. اڪثر سنڌي حضرات اهو سمجهندا آهن ته مهاجرن جو بنياد ڪان وٺي ڪو مسئلو آهي ئي ڪو نه ۽ هنن خوامخواه فقط تعصب تحت هڪڙو بائيتال مچائي رکيو آهي. توڙي جو حقيقت اها آهي ته هڪ ٻئي علائقي ۽ هڪ الڳ تهذيب مان هجرت ڪري، هتي اچي قيام ڪرڻ سان، هنن جي سياڻپ جا بيشمار مسئلا آهن. هو پاڪستان کي نئين ڪنڌ جي مسلمانن جو گهر سمجهي هتي آيا هئا. وقت ان اڄ سنڌ ۾ جيڪو بحران آهي ان جا ڪيترائي ڪارڻ آهن، پر هڪڙو اهم سبب سنڌين ۽ مهاجرن وچ ۾ ڪميونيڪيشن ۽ رابطي جو فقدان به آهي. سنڌي هجڻ جي ڪري منهنجو سنڌ جي ڪيترن ئي حلقن سان واسطو پوندو آهي. اڪثر سنڌي حضرات اهو سمجهندا آهن ته مهاجرن جو بنياد ڪان وٺي ڪو مسئلو آهي ئي ڪو نه ۽ هنن خوامخواه فقط تعصب تحت هڪڙو بائيتال مچائي رکيو آهي. توڙي جو حقيقت اها آهي ته هڪ ٻئي علائقي ۽ هڪ الڳ تهذيب مان هجرت ڪري، هتي اچي قيام ڪرڻ سان، هنن جي سياڻپ جا بيشمار مسئلا آهن. هو پاڪستان کي نئين ڪنڌ جي مسلمانن جو گهر سمجهي هتي آيا هئا. وقت ان اڄ سنڌ ۾ جيڪو بحران آهي ان جا ڪيترائي ڪارڻ آهن، پر هڪڙو اهم سبب سنڌين ۽ مهاجرن وچ ۾ ڪميونيڪيشن ۽ رابطي جو فقدان به آهي. سنڌي هجڻ جي ڪري منهنجو سنڌ جي ڪيترن ئي حلقن سان واسطو پوندو آهي. اڪثر سنڌي حضرات اهو سمجهندا آهن ته مهاجرن جو بنياد ڪان وٺي ڪو مسئلو آهي ئي ڪو نه ۽ هنن خوامخواه فقط تعصب تحت هڪڙو بائيتال مچائي رکيو آهي. توڙي جو حقيقت اها آهي ته هڪ ٻئي علائقي ۽ هڪ الڳ تهذيب مان هجرت ڪري، هتي اچي قيام ڪرڻ سان، هنن جي سياڻپ جا بيشمار مسئلا آهن. هو پاڪستان کي نئين ڪنڌ جي مسلمانن جو گهر سمجهي هتي آيا هئا. وقت ان
آخر ۾ مان ته اهو ئي عرض ڪندس ته سنڌ جي سينئي رهندڙن جو پلو Inclusive آپشن ۾ آهي.
